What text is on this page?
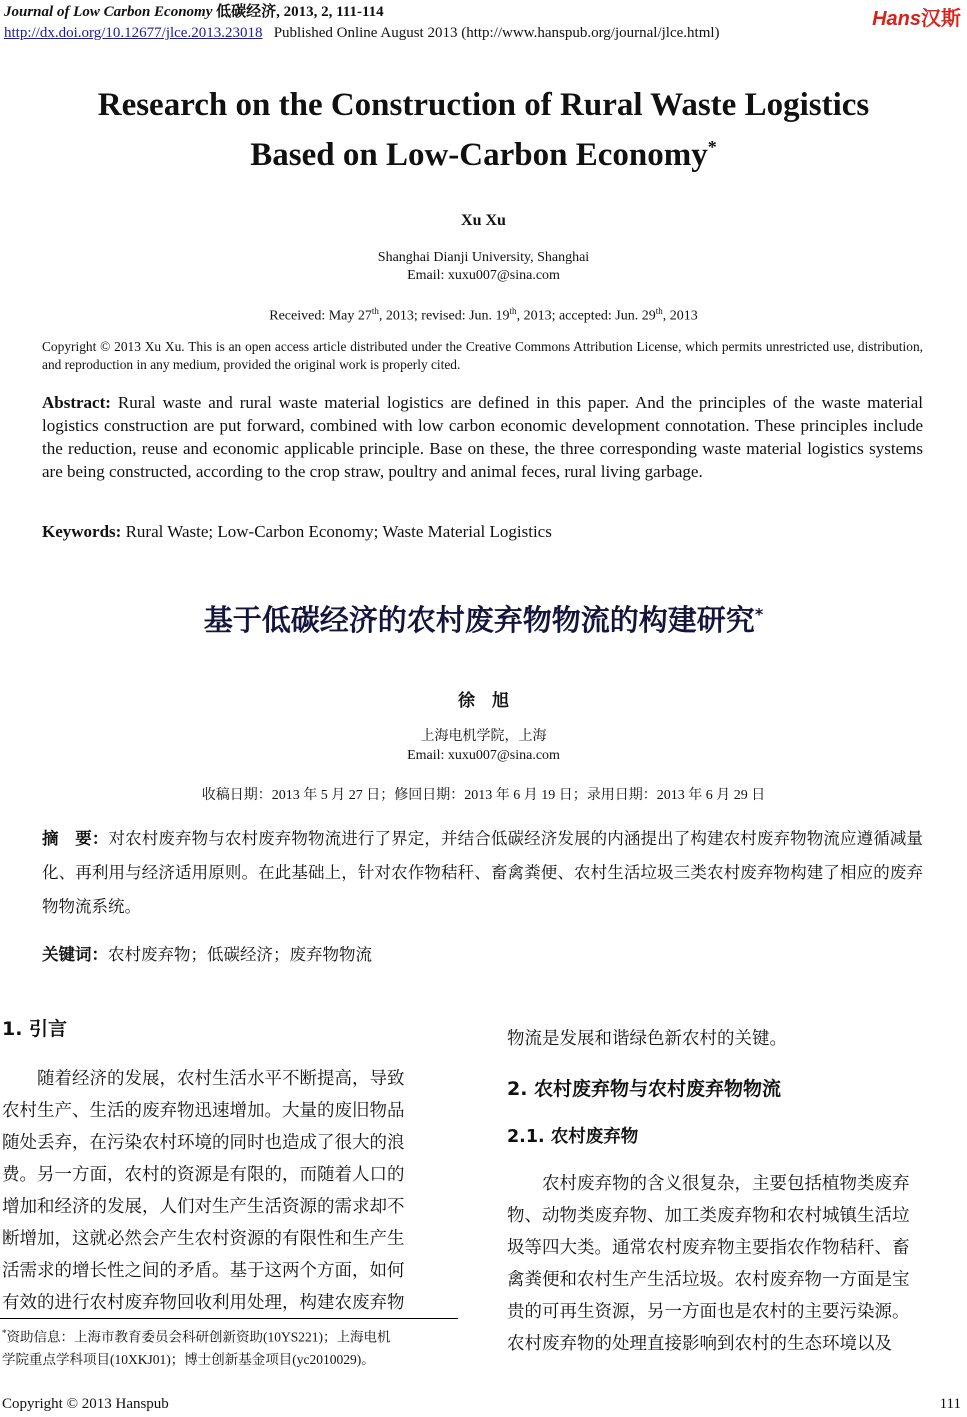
Journal of Low Carbon Economy 低碳经济, 2013, 2, 111-114
http://dx.doi.org/10.12677/jlce.2013.23018 Published Online August 2013 (http://www.hanspub.org/journal/jlce.html)
Hans汉斯
Research on the Construction of Rural Waste Logistics
Based on Low-Carbon Economy*
Xu Xu
Shanghai Dianji University, Shanghai
Email: xuxu007@sina.com
Received: May 27th, 2013; revised: Jun. 19th, 2013; accepted: Jun. 29th, 2013
Copyright © 2013 Xu Xu. This is an open access article distributed under the Creative Commons Attribution License, which permits unrestricted use, distribution, and reproduction in any medium, provided the original work is properly cited.
Abstract: Rural waste and rural waste material logistics are defined in this paper. And the principles of the waste material logistics construction are put forward, combined with low carbon economic development connotation. These principles include the reduction, reuse and economic applicable principle. Base on these, the three corresponding waste material logistics systems are being constructed, according to the crop straw, poultry and animal feces, rural living garbage.
Keywords: Rural Waste; Low-Carbon Economy; Waste Material Logistics
基于低碳经济的农村废弃物物流的构建研究*
徐　旭
上海电机学院，上海
Email: xuxu007@sina.com
收稿日期：2013 年 5 月 27 日；修回日期：2013 年 6 月 19 日；录用日期：2013 年 6 月 29 日
摘　要：对农村废弃物与农村废弃物物流进行了界定，并结合低碳经济发展的内涵提出了构建农村废弃物物流应遵循减量化、再利用与经济适用原则。在此基础上，针对农作物秸秆、畜禽粪便、农村生活垃圾三类农村废弃物构建了相应的废弃物物流系统。
关键词：农村废弃物；低碳经济；废弃物物流
1. 引言
　　随着经济的发展，农村生活水平不断提高，导致
农村生产、生活的废弃物迅速增加。大量的废旧物品
随处丢弃，在污染农村环境的同时也造成了很大的浪
费。另一方面，农村的资源是有限的，而随着人口的
增加和经济的发展，人们对生产生活资源的需求却不
断增加，这就必然会产生农村资源的有限性和生产生
活需求的增长性之间的矛盾。基于这两个方面，如何
有效的进行农村废弃物回收利用处理，构建农废弃物
*资助信息：上海市教育委员会科研创新资助(10YS221)；上海电机
学院重点学科项目(10XKJ01)；博士创新基金项目(yc2010029)。
物流是发展和谐绿色新农村的关键。
2. 农村废弃物与农村废弃物物流
2.1. 农村废弃物
　　农村废弃物的含义很复杂，主要包括植物类废弃
物、动物类废弃物、加工类废弃物和农村城镇生活垃
圾等四大类。通常农村废弃物主要指农作物秸秆、畜
禽粪便和农村生产生活垃圾。农村废弃物一方面是宝
贵的可再生资源，另一方面也是农村的主要污染源。
农村废弃物的处理直接影响到农村的生态环境以及
Copyright © 2013 Hanspub	111
